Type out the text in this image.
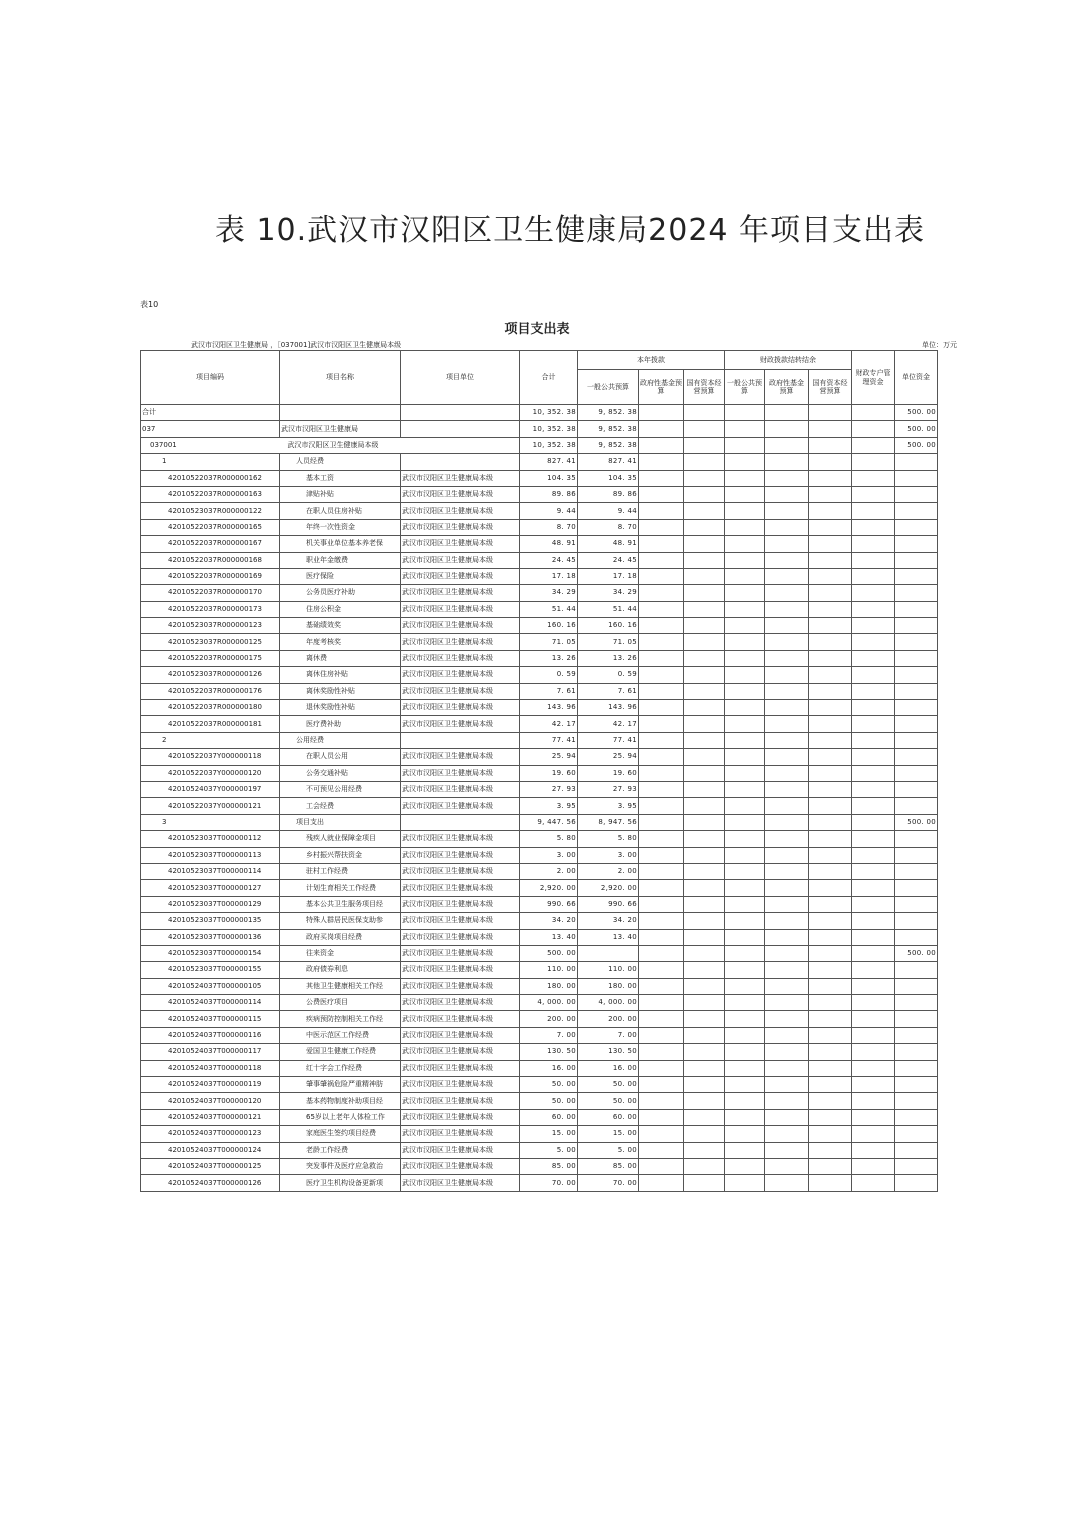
表 10.武汉市汉阳区卫生健康局2024 年项目支出表
表10
项目支出表
武汉市汉阳区卫生健康局 ，［037001]武汉市汉阳区卫生健康局本级	单位：万元
项目编码	项目名称	项目单位	合计	本年拨款			财政拨款结转结余			财政专户管理资金	单位资金
				一般公共预算	政府性基金预算	国有资本经营预算	一般公共预算	政府性基金预算	国有资本经营预算		
合计			10, 352. 38	9, 852. 38							500. 00
037	武汉市汉阳区卫生健康局		10, 352. 38	9, 852. 38							500. 00
037001	武汉市汉阳区卫生健康局本级		10, 352. 38	9, 852. 38							500. 00
1	人员经费		827. 41	827. 41							
42010522037R000000162	基本工资	武汉市汉阳区卫生健康局本级	104. 35	104. 35							
42010522037R000000163	津贴补贴	武汉市汉阳区卫生健康局本级	89. 86	89. 86							
42010523037R000000122	在职人员住房补贴	武汉市汉阳区卫生健康局本级	9. 44	9. 44							
42010522037R000000165	年终一次性资金	武汉市汉阳区卫生健康局本级	8. 70	8. 70							
42010522037R000000167	机关事业单位基本养老保	武汉市汉阳区卫生健康局本级	48. 91	48. 91							
42010522037R000000168	职业年金缴费	武汉市汉阳区卫生健康局本级	24. 45	24. 45							
42010522037R000000169	医疗保险	武汉市汉阳区卫生健康局本级	17. 18	17. 18							
42010522037R000000170	公务员医疗补助	武汉市汉阳区卫生健康局本级	34. 29	34. 29							
42010522037R000000173	住房公积金	武汉市汉阳区卫生健康局本级	51. 44	51. 44							
42010523037R000000123	基础绩效奖	武汉市汉阳区卫生健康局本级	160. 16	160. 16							
42010523037R000000125	年度考核奖	武汉市汉阳区卫生健康局本级	71. 05	71. 05							
42010522037R000000175	离休费	武汉市汉阳区卫生健康局本级	13. 26	13. 26							
42010523037R000000126	离休住房补贴	武汉市汉阳区卫生健康局本级	0. 59	0. 59							
42010522037R000000176	离休奖励性补贴	武汉市汉阳区卫生健康局本级	7. 61	7. 61							
42010522037R000000180	退休奖励性补贴	武汉市汉阳区卫生健康局本级	143. 96	143. 96							
42010522037R000000181	医疗费补助	武汉市汉阳区卫生健康局本级	42. 17	42. 17							
2	公用经费		77. 41	77. 41							
42010522037Y000000118	在职人员公用	武汉市汉阳区卫生健康局本级	25. 94	25. 94							
42010522037Y000000120	公务交通补贴	武汉市汉阳区卫生健康局本级	19. 60	19. 60							
42010524037Y000000197	不可预见公用经费	武汉市汉阳区卫生健康局本级	27. 93	27. 93							
42010522037Y000000121	工会经费	武汉市汉阳区卫生健康局本级	3. 95	3. 95							
3	项目支出		9, 447. 56	8, 947. 56							500. 00
42010523037T000000112	残疾人就业保障金项目	武汉市汉阳区卫生健康局本级	5. 80	5. 80							
42010523037T000000113	乡村振兴帮扶资金	武汉市汉阳区卫生健康局本级	3. 00	3. 00							
42010523037T000000114	驻村工作经费	武汉市汉阳区卫生健康局本级	2. 00	2. 00							
42010523037T000000127	计划生育相关工作经费	武汉市汉阳区卫生健康局本级	2,920. 00	2,920. 00							
42010523037T000000129	基本公共卫生服务项目经	武汉市汉阳区卫生健康局本级	990. 66	990. 66							
42010523037T000000135	特殊人群居民医保支助参	武汉市汉阳区卫生健康局本级	34. 20	34. 20							
42010523037T000000136	政府买岗项目经费	武汉市汉阳区卫生健康局本级	13. 40	13. 40							
42010523037T000000154	往来资金	武汉市汉阳区卫生健康局本级	500. 00								500. 00
42010523037T000000155	政府债券利息	武汉市汉阳区卫生健康局本级	110. 00	110. 00							
42010524037T000000105	其他卫生健康相关工作经	武汉市汉阳区卫生健康局本级	180. 00	180. 00							
42010524037T000000114	公费医疗项目	武汉市汉阳区卫生健康局本级	4, 000. 00	4, 000. 00							
42010524037T000000115	疾病预防控制相关工作经	武汉市汉阳区卫生健康局本级	200. 00	200. 00							
42010524037T000000116	中医示范区工作经费	武汉市汉阳区卫生健康局本级	7. 00	7. 00							
42010524037T000000117	爱国卫生健康工作经费	武汉市汉阳区卫生健康局本级	130. 50	130. 50							
42010524037T000000118	红十字会工作经费	武汉市汉阳区卫生健康局本级	16. 00	16. 00							
42010524037T000000119	肇事肇祸危险严重精神肪	武汉市汉阳区卫生健康局本级	50. 00	50. 00							
42010524037T000000120	基本药物制度补助项目经	武汉市汉阳区卫生健康局本级	50. 00	50. 00							
42010524037T000000121	65岁以上老年人体检工作	武汉市汉阳区卫生健康局本级	60. 00	60. 00							
42010524037T000000123	家庭医生签约项目经费	武汉市汉阳区卫生健康局本级	15. 00	15. 00							
42010524037T000000124	老龄工作经费	武汉市汉阳区卫生健康局本级	5. 00	5. 00							
42010524037T000000125	突发事件及医疗应急救治	武汉市汉阳区卫生健康局本级	85. 00	85. 00							
42010524037T000000126	医疗卫生机构设备更新项	武汉市汉阳区卫生健康局本级	70. 00	70. 00							
